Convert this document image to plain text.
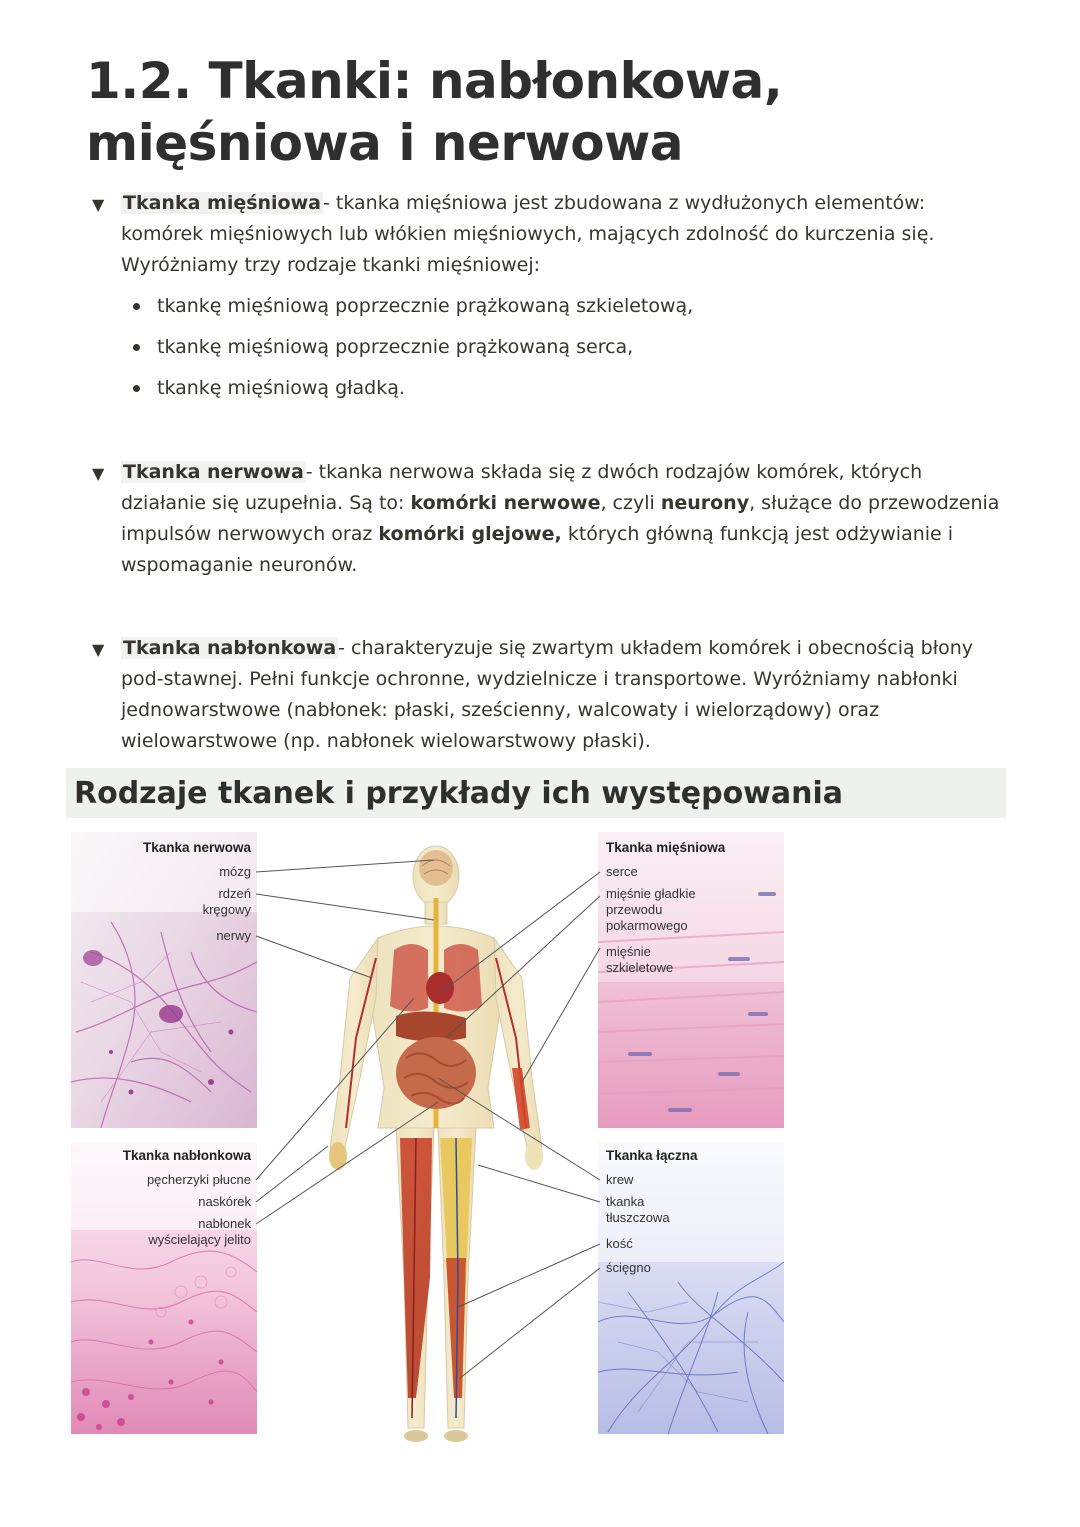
1.2. Tkanki: nabłonkowa, mięśniowa i nerwowa
▼ Tkanka mięśniowa - tkanka mięśniowa jest zbudowana z wydłużonych elementów: komórek mięśniowych lub włókien mięśniowych, mających zdolność do kurczenia się.
Wyróżniamy trzy rodzaje tkanki mięśniowej:
tkankę mięśniową poprzecznie prążkowaną szkieletową,
tkankę mięśniową poprzecznie prążkowaną serca,
tkankę mięśniową gładką.
▼ Tkanka nerwowa - tkanka nerwowa składa się z dwóch rodzajów komórek, których działanie się uzupełnia. Są to: komórki nerwowe, czyli neurony, służące do przewodzenia impulsów nerwowych oraz komórki glejowe, których główną funkcją jest odżywianie i wspomaganie neuronów.
▼ Tkanka nabłonkowa - charakteryzuje się zwartym układem komórek i obecnością błony pod-stawnej. Pełni funkcje ochronne, wydzielnicze i transportowe. Wyróżniamy nabłonki jednowarstwowe (nabłonek: płaski, sześcienny, walcowaty i wielorządowy) oraz wielowarstwowe (np. nabłonek wielowarstwowy płaski).
Rodzaje tkanek i przykłady ich występowania
Tkanka nerwowa
mózg
rdzeń kręgowy
nerwy
Tkanka nabłonkowa
pęcherzyki płucne
naskórek
nabłonek wyścielający jelito
Tkanka mięśniowa
serce
mięśnie gładkie przewodu pokarmowego
mięśnie szkieletowe
Tkanka łączna
krew
tkanka tłuszczowa
kość
ścięgno
